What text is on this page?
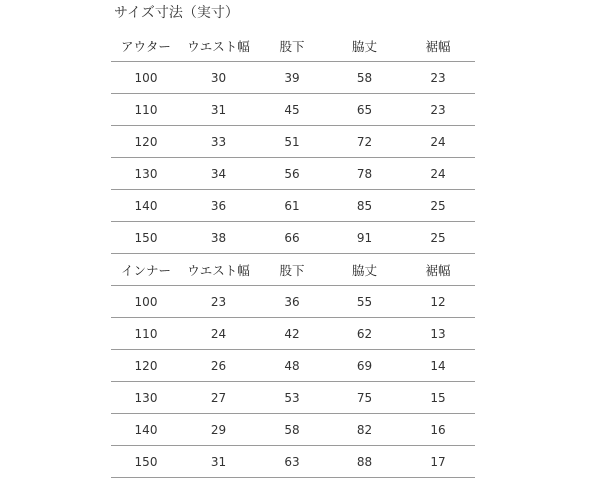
サイズ寸法（実寸）
アウター	ウエスト幅	股下	脇丈	裾幅
100	30	39	58	23
110	31	45	65	23
120	33	51	72	24
130	34	56	78	24
140	36	61	85	25
150	38	66	91	25
インナー	ウエスト幅	股下	脇丈	裾幅
100	23	36	55	12
110	24	42	62	13
120	26	48	69	14
130	27	53	75	15
140	29	58	82	16
150	31	63	88	17
